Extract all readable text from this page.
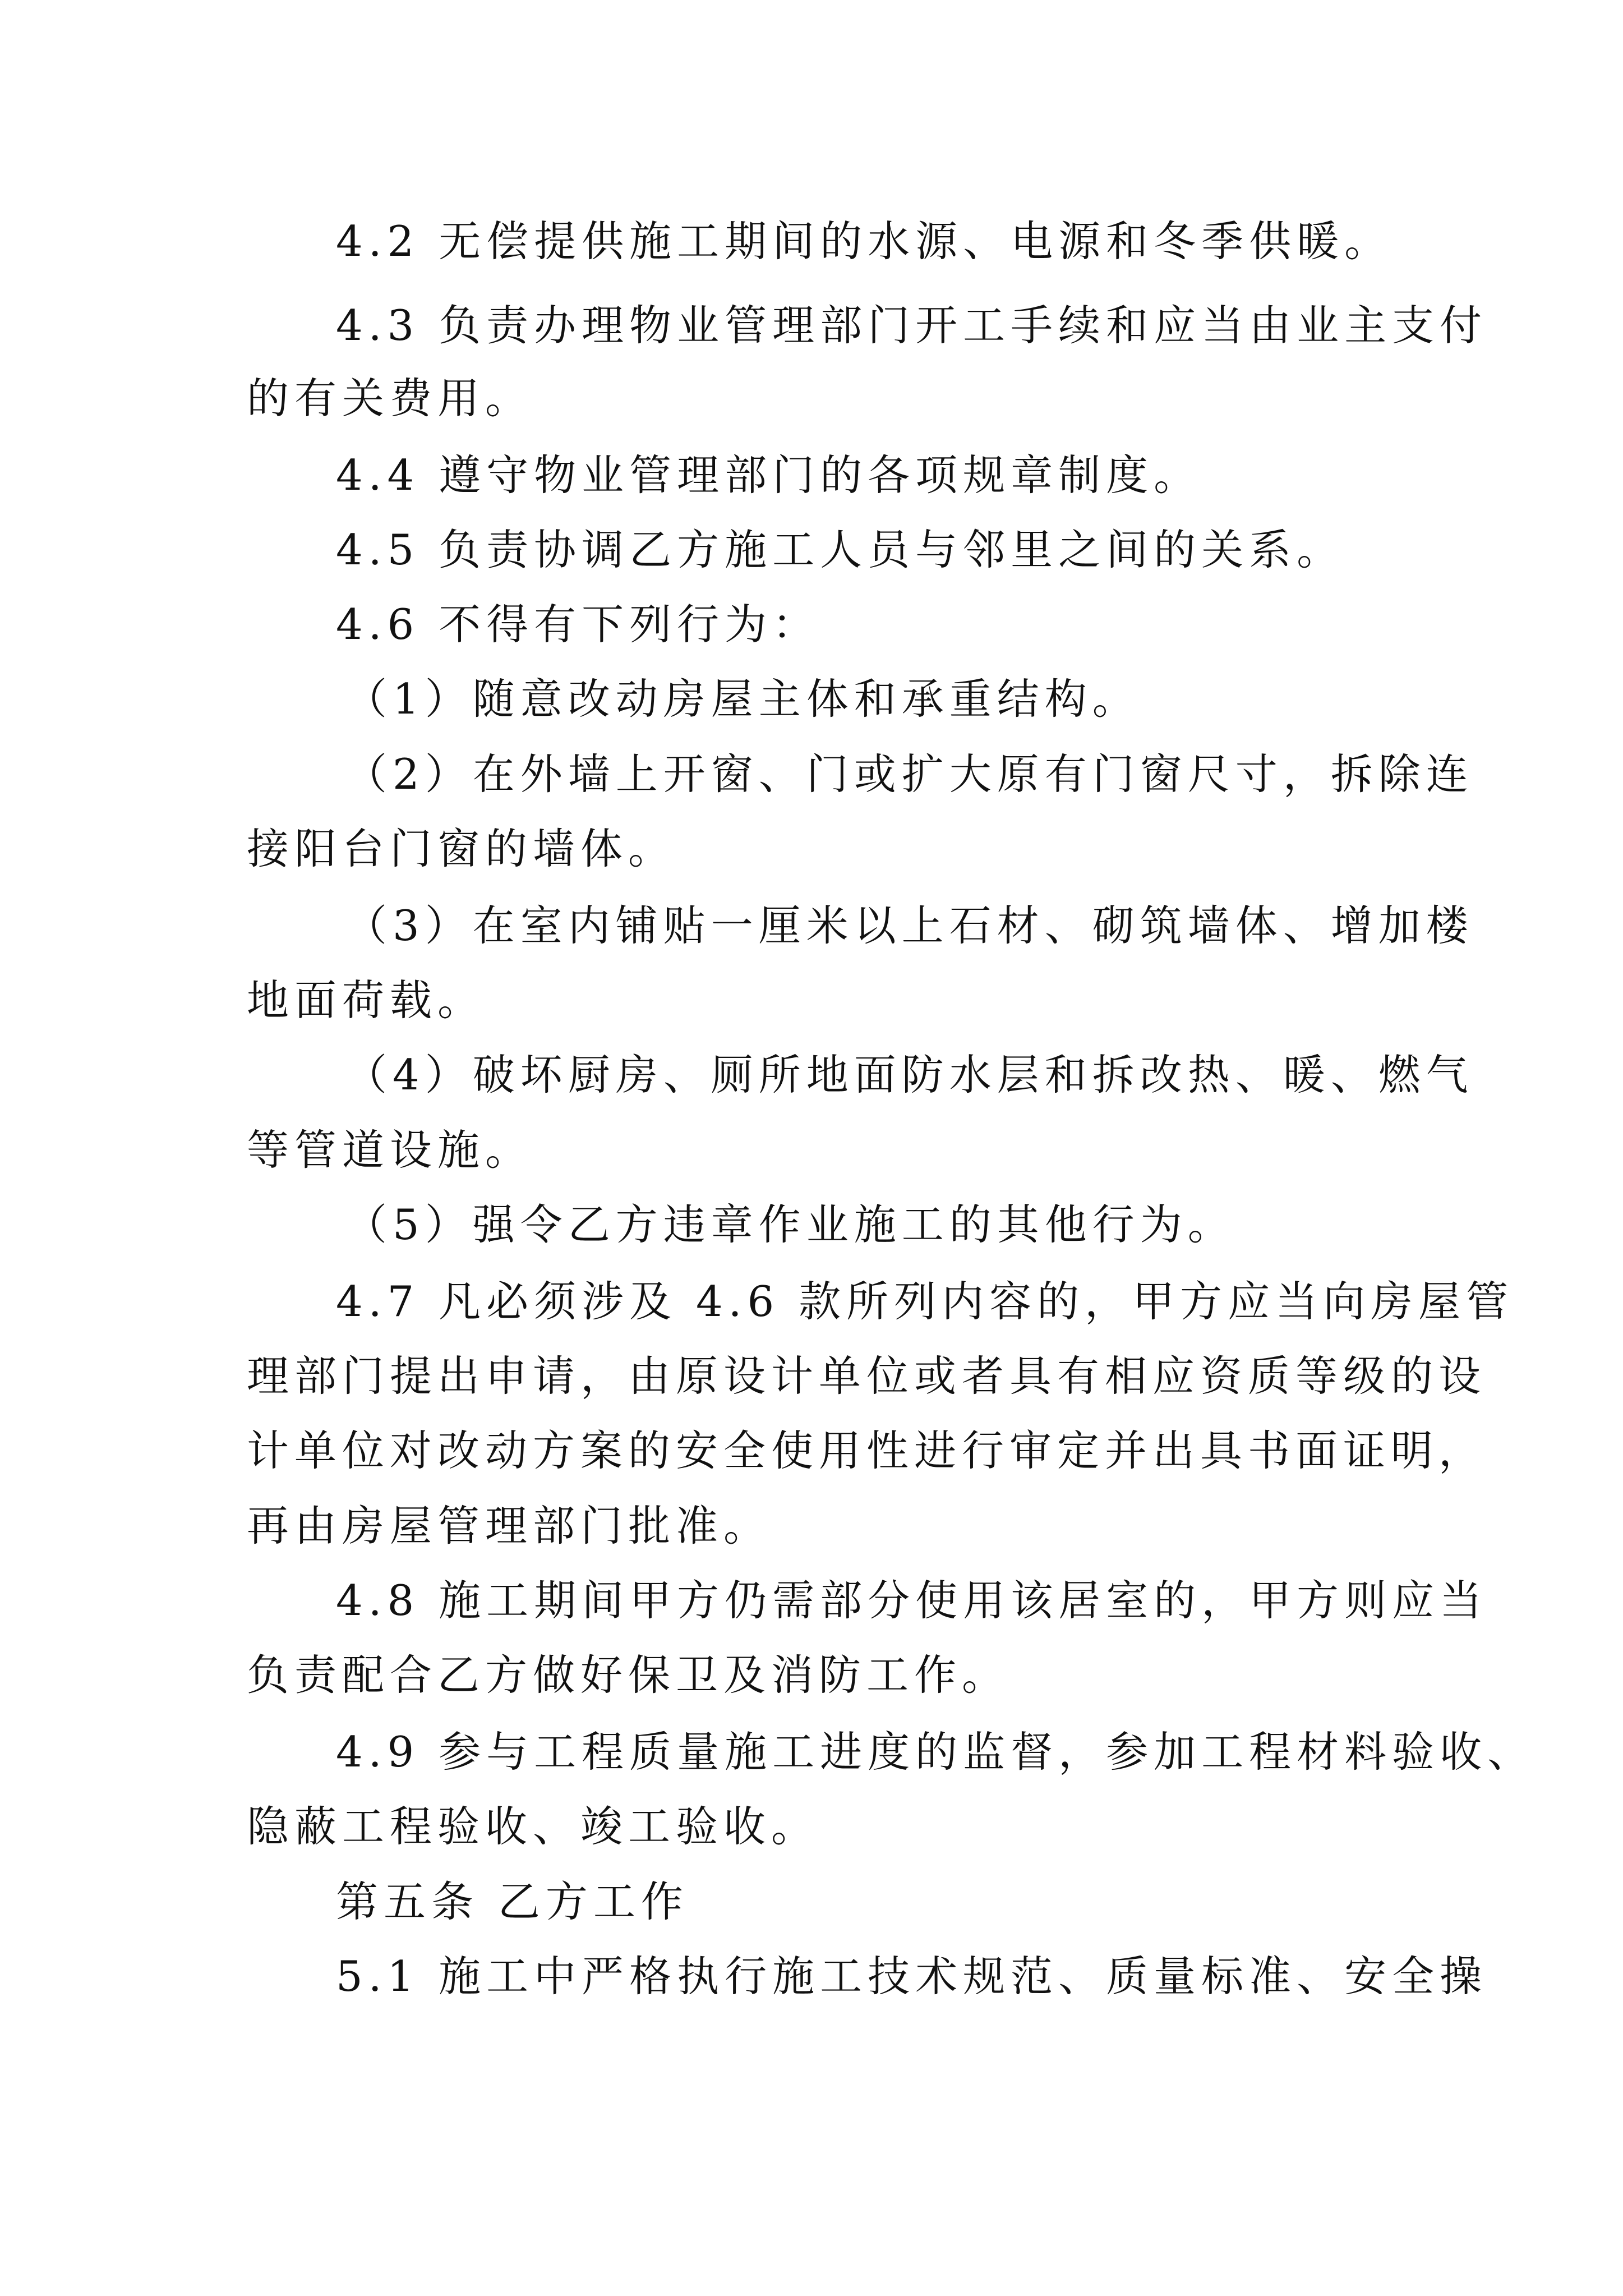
4.2 无偿提供施工期间的水源、电源和冬季供暖。
4.3 负责办理物业管理部门开工手续和应当由业主支付
的有关费用。
4.4 遵守物业管理部门的各项规章制度。
4.5 负责协调乙方施工人员与邻里之间的关系。
4.6 不得有下列行为：
（1）随意改动房屋主体和承重结构。
（2）在外墙上开窗、门或扩大原有门窗尺寸，拆除连
接阳台门窗的墙体。
（3）在室内铺贴一厘米以上石材、砌筑墙体、增加楼
地面荷载。
（4）破坏厨房、厕所地面防水层和拆改热、暖、燃气
等管道设施。
（5）强令乙方违章作业施工的其他行为。
4.7 凡必须涉及 4.6 款所列内容的，甲方应当向房屋管
理部门提出申请，由原设计单位或者具有相应资质等级的设
计单位对改动方案的安全使用性进行审定并出具书面证明，
再由房屋管理部门批准。
4.8 施工期间甲方仍需部分使用该居室的，甲方则应当
负责配合乙方做好保卫及消防工作。
4.9 参与工程质量施工进度的监督，参加工程材料验收、
隐蔽工程验收、竣工验收。
第五条 乙方工作
5.1 施工中严格执行施工技术规范、质量标准、安全操
